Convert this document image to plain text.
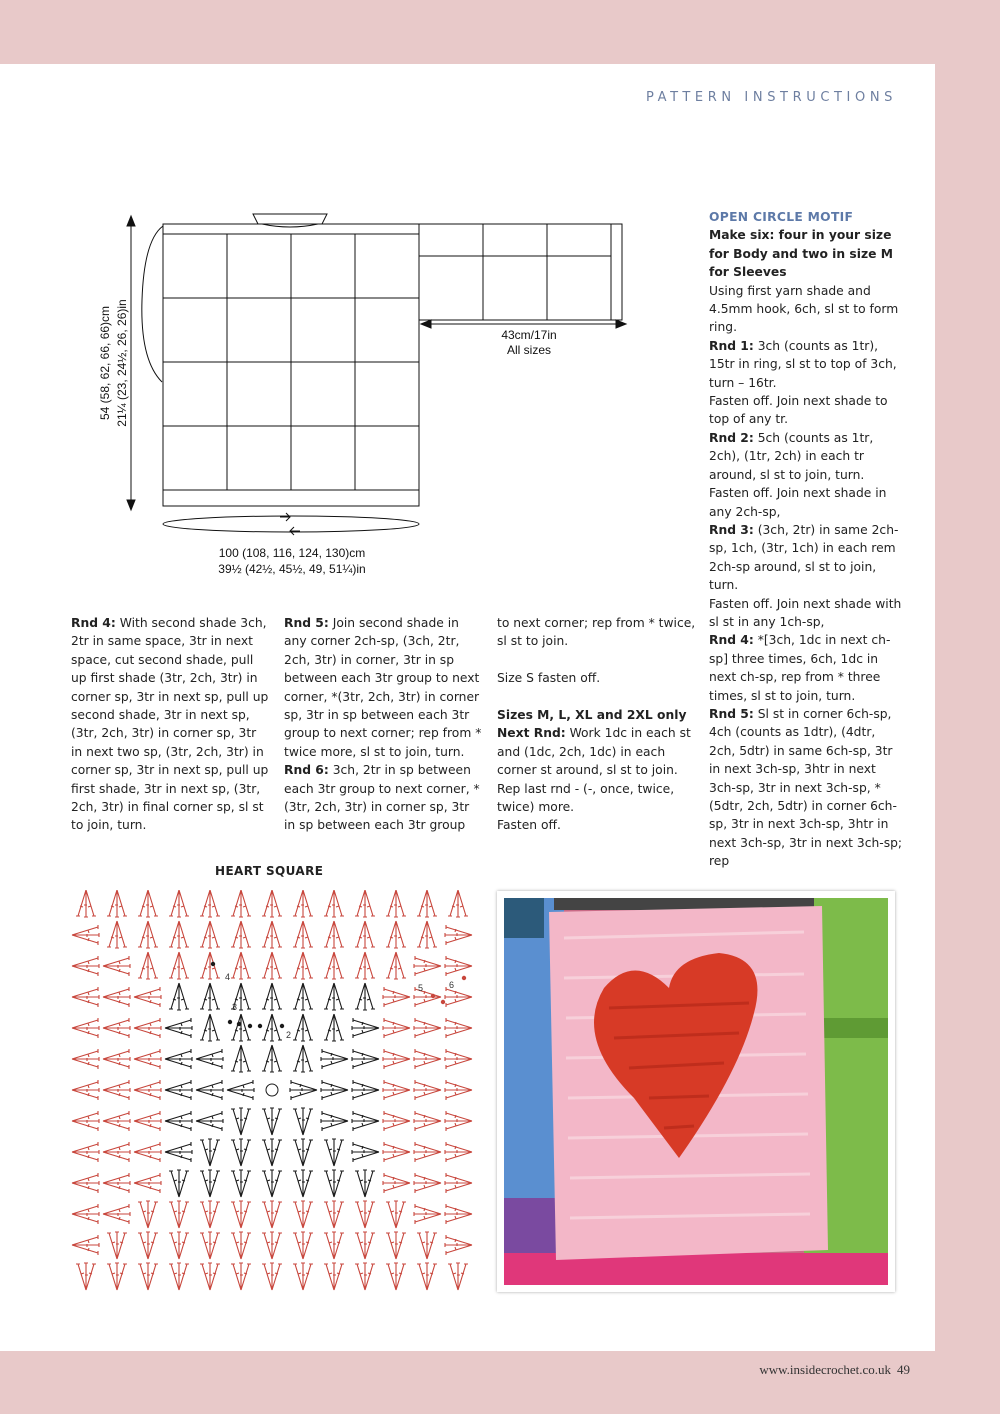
PATTERN INSTRUCTIONS
54 (58, 62, 66, 66)cm 21¼ (23, 24½, 26, 26)in	43cm/17in
All sizes
100 (108, 116, 124, 130)cm
39½ (42½, 45½, 49, 51¼)in

Rnd 4: With second shade 3ch, 2tr in same space, 3tr in next space, cut second shade, pull up first shade (3tr, 2ch, 3tr) in corner sp, 3tr in next sp, pull up second shade, 3tr in next sp, (3tr, 2ch, 3tr) in corner sp, 3tr in next two sp, (3tr, 2ch, 3tr) in corner sp, 3tr in next sp, pull up first shade, 3tr in next sp, (3tr, 2ch, 3tr) in final corner sp, sl st to join, turn.

Rnd 5: Join second shade in any corner 2ch-sp, (3ch, 2tr, 2ch, 3tr) in corner, 3tr in sp between each 3tr group to next corner, *(3tr, 2ch, 3tr) in corner sp, 3tr in sp between each 3tr group to next corner; rep from * twice more, sl st to join, turn.

Rnd 6: 3ch, 2tr in sp between each 3tr group to next corner, *(3tr, 2ch, 3tr) in corner sp, 3tr in sp between each 3tr group

to next corner; rep from * twice, sl st to join.

Size S fasten off.

Sizes M, L, XL and 2XL only

Next Rnd: Work 1dc in each st and (1dc, 2ch, 1dc) in each corner st around, sl st to join. Rep last rnd - (-, once, twice, twice) more.

Fasten off.

OPEN CIRCLE MOTIF

Make six: four in your size for Body and two in size M for Sleeves

Using first yarn shade and 4.5mm hook, 6ch, sl st to form ring.

Rnd 1: 3ch (counts as 1tr), 15tr in ring, sl st to top of 3ch, turn – 16tr.

Fasten off. Join next shade to top of any tr.

Rnd 2: 5ch (counts as 1tr, 2ch), (1tr, 2ch) in each tr around, sl st to join, turn.

Fasten off. Join next shade in any 2ch-sp,

Rnd 3: (3ch, 2tr) in same 2ch-sp, 1ch, (3tr, 1ch) in each rem 2ch-sp around, sl st to join, turn.

Fasten off. Join next shade with sl st in any 1ch-sp,

Rnd 4: *[3ch, 1dc in next ch-sp] three times, 6ch, 1dc in next ch-sp, rep from * three times, sl st to join, turn.

Rnd 5: Sl st in corner 6ch-sp, 4ch (counts as 1dtr), (4dtr, 2ch, 5dtr) in same 6ch-sp, 3tr in next 3ch-sp, 3htr in next 3ch-sp, 3tr in next 3ch-sp, *(5dtr, 2ch, 5dtr) in corner 6ch-sp, 3tr in next 3ch-sp, 3htr in next 3ch-sp, 3tr in next 3ch-sp; rep

HEART SQUARE
4
3
2
5	6
www.insidecrochet.co.uk 49
